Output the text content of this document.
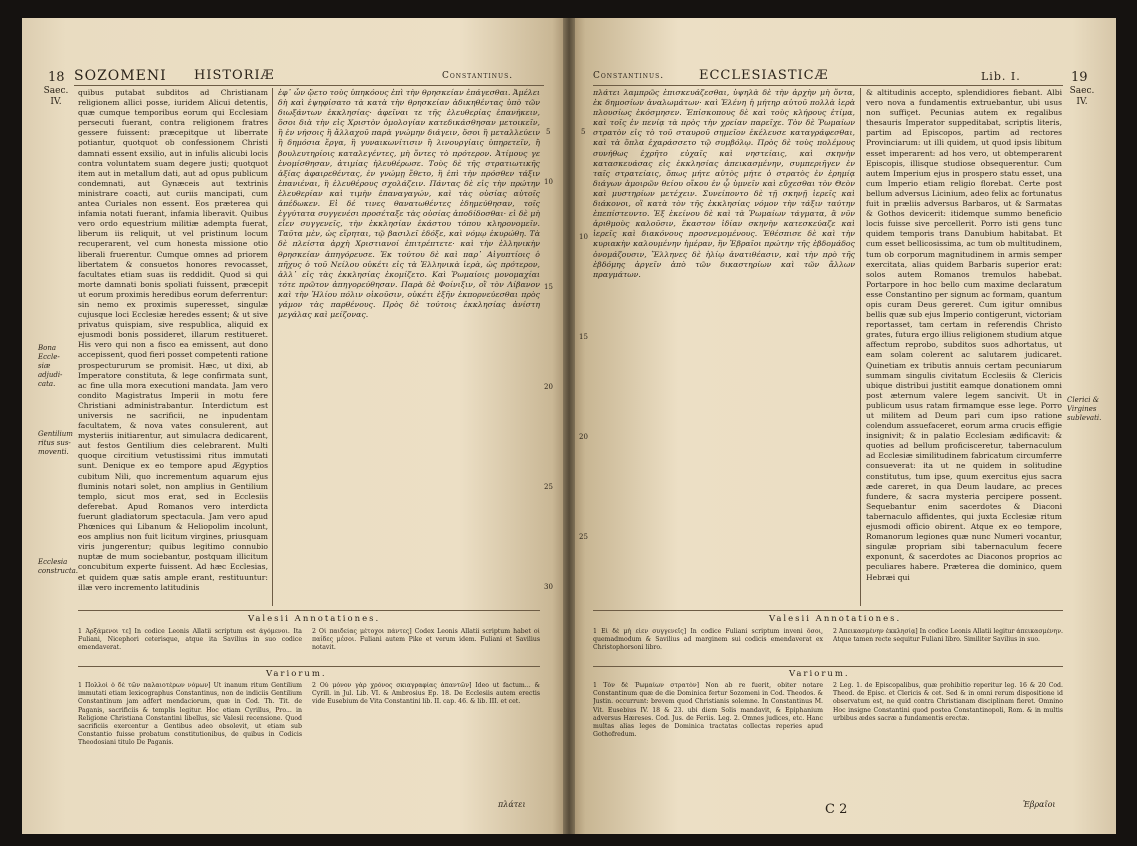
18 SOZOMENI HISTORIÆ	Constantinus.
Saec.
IV.
Bona Eccle-
siæ adjudi-
cata.
Gentilium
ritus sus-
moventi.
Ecclesia
constructa.
quibus putabat subditos ad Christianam religionem allici posse, iuridem Alicui detentis, quæ cumque temporibus eorum qui Ecclesiam persecuti fuerant, contra religionem fratres gessere fuissent: præcepitque ut liberrate potiantur, quotquot ob confessionem Christi damnati essent exsilio, aut in infulis alicubi locis contra voluntatem suam degere justi; quotquot item aut in metallum dati, aut ad opus publicum condemnati, aut Gynæceis aut textrinis ministrare coacti, aut curiis mancipati, cum antea Curiales non essent. Eos præterea qui infamia notati fuerant, infamia liberavit. Quibus vero ordo equestrium militiæ adempta fuerat, liberum iis reliquit, ut vel pristinum locum recuperarent, vel cum honesta missione otio liberali fruerentur. Cumque omnes ad priorem libertatem & consuetos honores revocasset, facultates etiam suas iis reddidit. Quod si qui morte damnati bonis spoliati fuissent, præcepit ut eorum proximis heredibus eorum deferrentur: sin nemo ex proximis superesset, singulæ cujusque loci Ecclesiæ heredes essent; & ut sive privatus quispiam, sive respublica, aliquid ex ejusmodi bonis possideret, illarum restitueret. His vero qui non a fisco ea emissent, aut dono accepissent, quod fieri posset competenti ratione prospectururum se promisit. Hæc, ut dixi, ab Imperatore constituta, & lege confirmata sunt, ac fine ulla mora executioni mandata. Jam vero condito Magistratus Imperii in motu fere Christiani administrabantur. Interdictum est universis ne sacrificii, ne inpudentam facultatem, & nova vates consulerent, aut mysteriis initiarentur, aut simulacra dedicarent, aut festos Gentilium dies celebrarent. Multi quoque circitium vetustissimi ritus immutati sunt. Denique ex eo tempore apud Ægyptios cubitum Nili, quo incrementum aquarum ejus fluminis notari solet, non amplius in Gentilium templo, sicut mos erat, sed in Ecclesiis deferebat. Apud Romanos vero interdicta fuerunt gladiatorum spectacula. Jam vero apud Phœnices qui Libanum & Heliopolim incolunt, eos amplius non fuit licitum virgines, priusquam viris jungerentur; quibus legitimo connubio nuptæ de mum sociebantur, postquam illicitum concubitum experte fuissent. Ad hæc Ecclesias, et quidem quæ satis ample erant, restituuntur: illæ vero incremento latitudinis
ἐφ᾽ ὧν ᾤετο τοὺς ὑπηκόους ἐπὶ τὴν θρησκείαν ἐπάγεσθαι. Ἀμέλει δὴ καὶ ἐψηφίσατο τὰ κατὰ τὴν θρησκείαν ἀδικηθέντας ὑπὸ τῶν διωξάντων ἐκκλησίας· ἀφεῖναι τε τῆς ἐλευθερίας ἐπανήκειν, ὅσοι διὰ τὴν εἰς Χριστὸν ὁμολογίαν κατεδικάσθησαν μετοικεῖν, ἢ ἐν νήσοις ἢ ἄλλαχοῦ παρὰ γνώμην διάγειν, ὅσοι ἢ μεταλλεύειν ἢ δημόσια ἔργα, ἢ γυναικωνίτισιν ἢ λινουργίαις ὑπηρετεῖν, ἢ βουλευτηρίοις καταλεγέντες, μὴ ὄντες τὸ πρότερον. Ἀτίμους γε ἐνομίσθησαν, ἀτιμίας ἠλευθέρωσε. Τοὺς δὲ τῆς στρατιωτικῆς ἀξίας ἀφαιρεθέντας, ἐν γνώμῃ ἔθετο, ἢ ἐπὶ τὴν πρόσθεν τάξιν ἐπανιέναι, ἢ ἐλευθέρους σχολάζειν. Πάντας δὲ εἰς τὴν πρώτην ἐλευθερίαν καὶ τιμὴν ἐπαναγαγών, καὶ τὰς οὐσίας αὐτοῖς ἀπέδωκεν. Εἰ δέ τινες θανατωθέντες ἐδημεύθησαν, τοῖς ἐγγύτατα συγγενέσι προσέταξε τὰς οὐσίας ἀποδίδοσθαι· εἰ δὲ μὴ εἶεν συγγενεῖς, τὴν ἐκκλησίαν ἑκάστου τόπου κληρονομεῖν. Ταῦτα μὲν, ὡς εἴρηται, τῷ βασιλεῖ ἐδόξε, καὶ νόμῳ ἐκυρώθη. Τὰ δὲ πλείστα ἀρχὴ Χριστιανοί ἐπιτρέπτετε· καὶ τὴν ἑλληνικὴν θρησκείαν ἀπηγόρευσε. Ἐκ τούτου δὲ καὶ παρ᾽ Αἰγυπτίοις ὁ πῆχυς ὁ τοῦ Νείλου οὐκέτι εἰς τὰ Ἑλληνικὰ ἱερὰ, ὡς πρότερον, ἀλλ᾽ εἰς τὰς ἐκκλησίας ἐκομίζετο. Καὶ Ῥωμαίοις μονομαχίαι τότε πρῶτον ἀπηγορεύθησαν. Παρὰ δὲ Φοίνιξιν, οἳ τὸν Λίβανον καὶ τὴν Ἡλίου πόλιν οἰκοῦσιν, οὐκέτι ἐξῆν ἐκπορνεύεσθαι πρὸς γάμον τὰς παρθένους. Πρὸς δὲ τούτοις ἐκκλησίας ἀνίστη μεγάλας καὶ μείζονας.
5
10
15
20
25
30
Valesii Annotationes.
1 Ἀρξάμενοι τε] In codice Leonis Allatii scriptum est ἀγόμενοι. Ita Fuliani, Nicephori ceterisque, atque ita Savilius in suo codice emendaverat.
2 Οἱ παιδείας μέτοχοι πάντες] Codex Leonis Allatii scriptum habet οἱ παίδες μέσοι. Fuliani autem Pike et verum idem. Fuliani et Savilius notavit.
Variorum.
1 Πολλοὶ ὁ δὲ τῶν παλαιοτέρων νόμων] Ut inanum ritum Gentilium immutati etiam lexicographus Constantinus, non de indiciis Gentilium Constantinum jam adfert mendaciorum, quæ in Cod. Th. Tit. de Paganis, sacrificiis & templis legitur. Hoc etiam Cyrillus, Pro... in Religione Christiana Constantini libellus, sic Valesii recensione. Quod sacrificiis exercentur a Gentibus adeo obsolevit, ut etiam sub Constantio fuisse probatum constitutionibus, de quibus in Codicis Theodosiani titulo De Paganis.
2 Οὐ μόνον γὰρ χρόνος σκιαγραφίας ἀπαντῶν] Ideo ut factum... & Cyrill. in Jul. Lib. VI. & Ambrosius Ep. 18. De Ecclesiis autem erectis vide Eusebium de Vita Constantini lib. II. cap. 46. & lib. III. et cet.
πλάτει
Constantinus.	ECCLESIASTICÆ	Lib. I.	19
Saec.
IV.
Clerici &
Virgines
sublevati.
5
10
15
20
25
πλάτει λαμπρῶς ἐπισκευάζεσθαι, ὑψηλὰ δὲ τὴν ἀρχὴν μὴ ὄντα, ἐκ δημοσίων ἀναλωμάτων· καὶ Ἑλένη ἡ μήτηρ αὐτοῦ πολλὰ ἱερὰ πλουσίως ἐκόσμησεν. Ἐπίσκοπους δὲ καὶ τοὺς κλήρους ἐτίμα, καὶ τοῖς ἐν πενίᾳ τὰ πρὸς τὴν χρείαν παρεῖχε. Τὸν δὲ Ῥωμαίων στρατὸν εἰς τὸ τοῦ σταυροῦ σημεῖον ἐκέλευσε καταγράφεσθαι, καὶ τὰ ὅπλα ἐχαράσσετο τῷ συμβόλῳ. Πρὸς δὲ τοὺς πολέμους συνήθως ἐχρῆτο εὐχαῖς καὶ νηστείαις, καὶ σκηνὴν κατασκευάσας εἰς ἐκκλησίας ἀπεικασμένην, συμπεριῆγεν ἐν ταῖς στρατείαις, ὅπως μήτε αὐτὸς μήτε ὁ στρατὸς ἐν ἐρημίᾳ διάγων ἀμοιρῶν θείου οἴκου ἐν ᾧ ὑμνεῖν καὶ εὔχεσθαι τὸν Θεὸν καὶ μυστηρίων μετέχειν. Συνείποντο δὲ τῇ σκηνῇ ἱερεῖς καὶ διάκονοι, οἳ κατὰ τὸν τῆς ἐκκλησίας νόμον τὴν τάξιν ταύτην ἐπεπίστευντο. Ἐξ ἐκείνου δὲ καὶ τὰ Ῥωμαίων τάγματα, ἃ νῦν ἀριθμοὺς καλοῦσιν, ἕκαστον ἰδίαν σκηνὴν κατεσκεύαζε καὶ ἱερεῖς καὶ διακόνους προσνεμομένους. Ἐθέσπισε δὲ καὶ τὴν κυριακὴν καλουμένην ἡμέραν, ἣν Ἑβραῖοι πρώτην τῆς ἑβδομάδος ὀνομάζουσιν, Ἕλληνες δὲ ἡλίῳ ἀνατιθέασιν, καὶ τὴν πρὸ τῆς ἑβδόμης ἀργεῖν ἀπὸ τῶν δικαστηρίων καὶ τῶν ἄλλων πραγμάτων.
& altitudinis accepto, splendidiores fiebant. Albi vero nova a fundamentis extruebantur, ubi usus non suffiçet. Pecunias autem ex regalibus thesauris Imperator suppeditabat, scriptis literis, partim ad Episcopos, partim ad rectores Provinciarum: ut illi quidem, ut quod ipsis libitum esset imperarent: ad hos vero, ut obtemperarent Episcopis, illisque studiose obsequerentur. Cum autem Imperium ejus in prospero statu esset, una cum Imperio etiam religio florebat. Certe post bellum adversus Licinium, adeo felix ac fortunatus fuit in præliis adversus Barbaros, ut & Sarmatas & Gothos devicerit: itidemque summo beneficio locis fuisse sive percellerit. Porro isti gens tunc quidem temporis trans Danubium habitabat. Et cum esset bellicosissima, ac tum ob multitudinem, tum ob corporum magnitudinem in armis semper exercitata, alias quidem Barbaris superior erat: solos autem Romanos tremulos habebat. Portarpore in hoc bello cum maxime declaratum esse Constantino per signum ac formam, quantum opis curam Deus gereret. Cum igitur omnibus bellis quæ sub ejus Imperio contigerunt, victoriam reportasset, tam certam in referendis Christo grates, futura ergo illius religionem studium atque affectum reprobo, subditos suos adhortatus, ut eam solam colerent ac salutarem judicaret. Quinetiam ex tributis annuis certam pecuniarum summam singulis civitatum Ecclesiis & Clericis ubique distribui justitit eamque donationem omni post æternum valere legem sancivit. Ut in publicum usus ratam firmamque esse lege. Porro ut militem ad Deum pari cum ipso ratione colendum assuefaceret, eorum arma crucis effigie insignivit; & in palatio Ecclesiam ædificavit: & quoties ad bellum proficisceretur, tabernaculum ad Ecclesiæ similitudinem fabricatum circumferre consueverat: ita ut ne quidem in solitudine constitutus, tum ipse, quum exercitus ejus sacra æde careret, in qua Deum laudare, ac preces fundere, & sacra mysteria percipere possent. Sequebantur enim sacerdotes & Diaconi tabernaculo affidentes, qui juxta Ecclesiæ ritum ejusmodi officio obirent. Atque ex eo tempore, Romanorum legiones quæ nunc Numeri vocantur, singulæ propriam sibi tabernaculum fecere exponunt, & sacerdotes ac Diaconos proprios ac peculiares habere. Præterea die dominico, quem Hebræi qui
Valesii Annotationes.
1 Εἰ δὲ μὴ εἶεν συγγενεῖς] In codice Fuliani scriptum inveni ὅσοι, quemadmodum & Savilius ad marginem sui codicis emendaverat ex Christophorsoni libro.
2 Ἀπεικασμένην ἐκκλησίᾳ] In codice Leonis Allatii legitur ἀπεικασμένην. Atque tamen recte sequitur Fuliani libro. Similiter Savilius in suo.
Variorum.
1 Τὸν δὲ Ῥωμαίων στρατὸν] Non ab re fuerit, obiter notare Constantinum quæ de die Dominica fertur Sozomeni in Cod. Theodos. & Justin. occurrunt: brevem quod Christianis solemne. In Constantinus M. Vit. Eusebius IV. 18 & 23. ubi diem Solis mandavit, & Epiphanium adversus Hæreses. Cod. Jus. de Feriis. Leg. 2. Omnes judices, etc. Hanc multas alias leges de Dominica tractatas collectas reperies apud Gothofredum.
2 Leg. 1. de Episcopalibus, quæ prohibitio reperitur leg. 16 & 20 Cod. Theod. de Episc. et Clericis & cet. Sed & in omni rerum dispositione id observatum est, ne quid contra Christianam disciplinam fieret. Omnino Hoc insigne Constantini quod postea Constantinopoli, Rom. & in multis urbibus ædes sacræ a fundamentis erectæ.
C 2	Ἑβραῖοι
